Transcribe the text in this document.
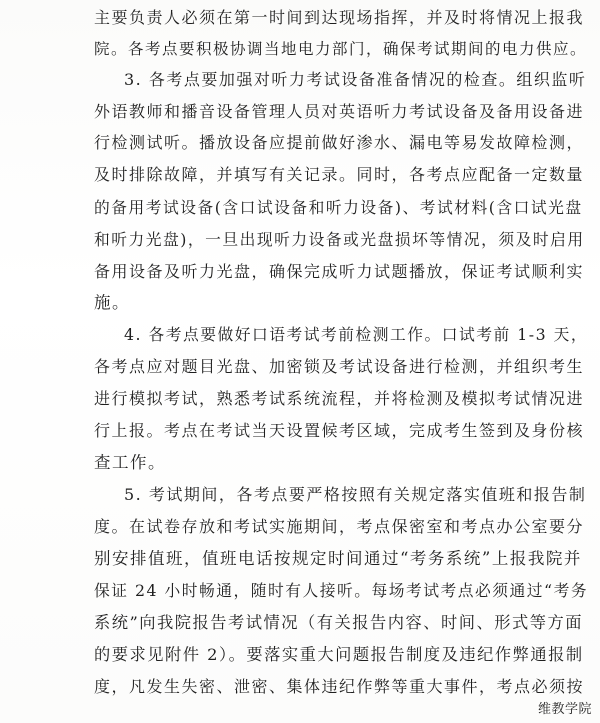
主要负责人必须在第一时间到达现场指挥，并及时将情况上报我
院。各考点要积极协调当地电力部门，确保考试期间的电力供应。
3. 各考点要加强对听力考试设备准备情况的检查。组织监听
外语教师和播音设备管理人员对英语听力考试设备及备用设备进
行检测试听。播放设备应提前做好渗水、漏电等易发故障检测，
及时排除故障，并填写有关记录。同时，各考点应配备一定数量
的备用考试设备(含口试设备和听力设备)、考试材料(含口试光盘
和听力光盘)，一旦出现听力设备或光盘损坏等情况，须及时启用
备用设备及听力光盘，确保完成听力试题播放，保证考试顺利实
施。
4. 各考点要做好口语考试考前检测工作。口试考前 1-3 天，
各考点应对题目光盘、加密锁及考试设备进行检测，并组织考生
进行模拟考试，熟悉考试系统流程，并将检测及模拟考试情况进
行上报。考点在考试当天设置候考区域，完成考生签到及身份核
查工作。
5. 考试期间，各考点要严格按照有关规定落实值班和报告制
度。在试卷存放和考试实施期间，考点保密室和考点办公室要分
别安排值班，值班电话按规定时间通过“考务系统”上报我院并
保证 24 小时畅通，随时有人接听。每场考试考点必须通过“考务
系统”向我院报告考试情况（有关报告内容、时间、形式等方面
的要求见附件 2）。要落实重大问题报告制度及违纪作弊通报制
度，凡发生失密、泄密、集体违纪作弊等重大事件，考点必须按
维教学院
